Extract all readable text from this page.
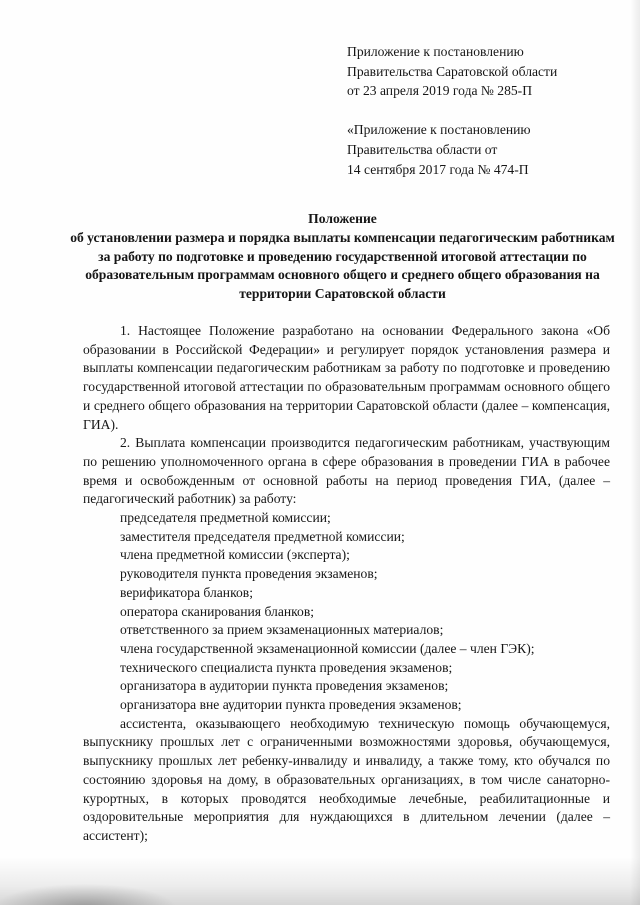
Приложение к постановлению
Правительства Саратовской области
от 23 апреля 2019 года № 285-П
«Приложение к постановлению
Правительства области от
14 сентября 2017 года № 474-П
Положение
об установлении размера и порядка выплаты компенсации педагогическим работникам за работу по подготовке и проведению государственной итоговой аттестации по образовательным программам основного общего и среднего общего образования на территории Саратовской области

1. Настоящее Положение разработано на основании Федерального закона «Об образовании в Российской Федерации» и регулирует порядок установления размера и выплаты компенсации педагогическим работникам за работу по подготовке и проведению государственной итоговой аттестации по образовательным программам основного общего и среднего общего образования на территории Саратовской области (далее – компенсация, ГИА).

2. Выплата компенсации производится педагогическим работникам, участвующим по решению уполномоченного органа в сфере образования в проведении ГИА в рабочее время и освобожденным от основной работы на период проведения ГИА, (далее – педагогический работник) за работу:

председателя предметной комиссии;
заместителя председателя предметной комиссии;
члена предметной комиссии (эксперта);
руководителя пункта проведения экзаменов;
верификатора бланков;
оператора сканирования бланков;
ответственного за прием экзаменационных материалов;
члена государственной экзаменационной комиссии (далее – член ГЭК);
технического специалиста пункта проведения экзаменов;
организатора в аудитории пункта проведения экзаменов;
организатора вне аудитории пункта проведения экзаменов;

ассистента, оказывающего необходимую техническую помощь обучающемуся, выпускнику прошлых лет с ограниченными возможностями здоровья, обучающемуся, выпускнику прошлых лет ребенку-инвалиду и инвалиду, а также тому, кто обучался по состоянию здоровья на дому, в образовательных организациях, в том числе санаторно-курортных, в которых проводятся необходимые лечебные, реабилитационные и оздоровительные мероприятия для нуждающихся в длительном лечении (далее – ассистент);
